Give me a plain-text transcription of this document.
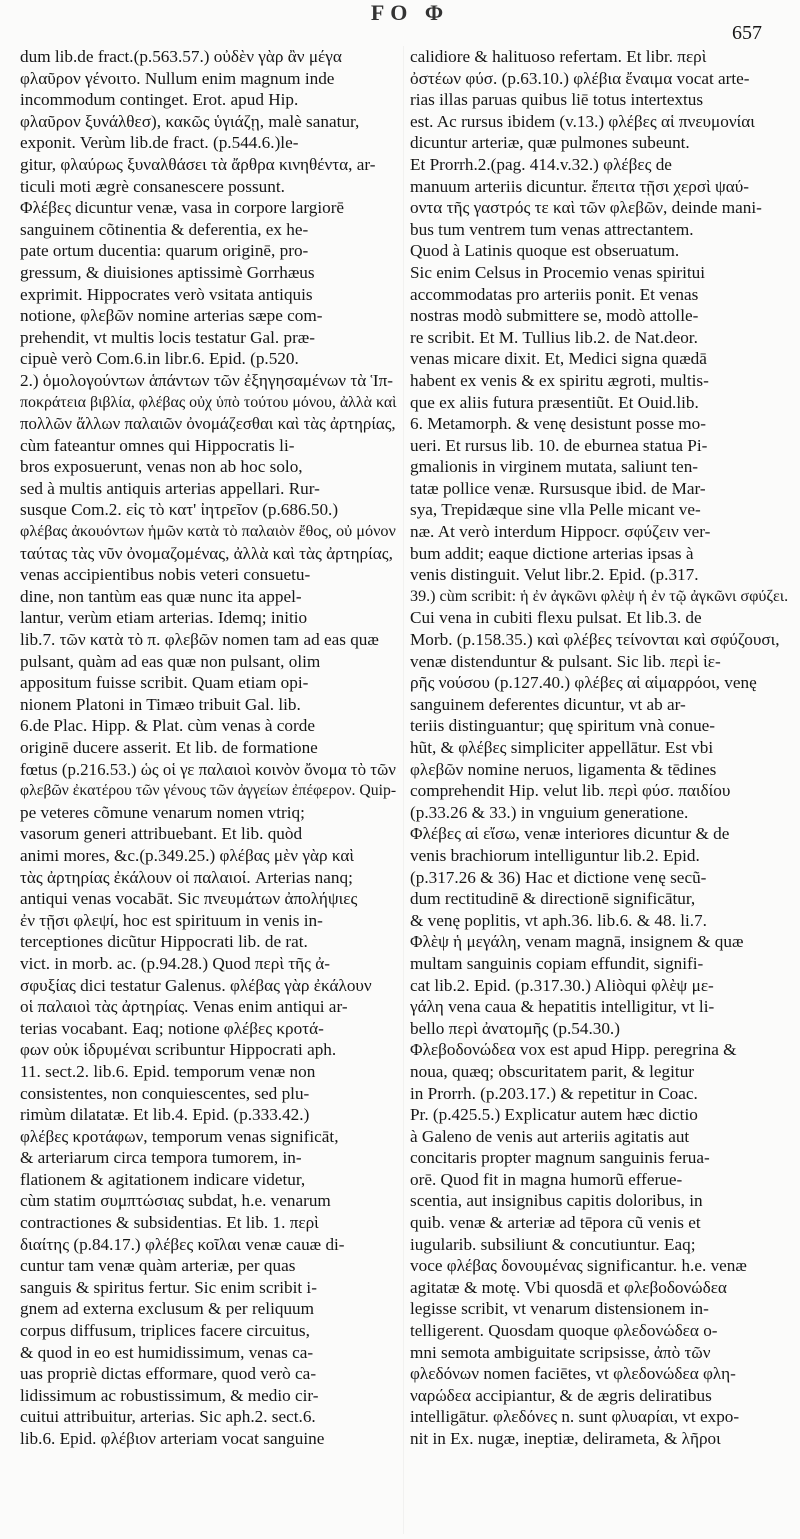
FO Φ
657
dum lib.de fract.(p.563.57.) οὐδὲν γὰρ ἂν μέγα
φλαῦρον γένοιτο. Nullum enim magnum inde
incommodum continget. Erot. apud Hip.
φλαῦρον ξυνάλθεσ), κακῶς ὑγιάζῃ, malè sanatur,
exponit. Verùm lib.de fract. (p.544.6.)le-
gitur, φλαύρως ξυναλθάσει τὰ ἄρθρα κινηθέντα, ar-
ticuli moti ægrè consanescere possunt.
Φλέβες dicuntur venæ, vasa in corpore largiorē
sanguinem cõtinentia & deferentia, ex he-
pate ortum ducentia: quarum originē, pro-
gressum, & diuisiones aptissimè Gorrhæus
exprimit. Hippocrates verò vsitata antiquis
notione, φλεβῶν nomine arterias sæpe com-
prehendit, vt multis locis testatur Gal. præ-
cipuè verò Com.6.in libr.6. Epid. (p.520.
2.) ὁμολογούντων ἁπάντων τῶν ἐξηγησαμένων τὰ Ἱπ-
ποκράτεια βιβλία, φλέβας οὐχ ὑπὸ τούτου μόνου, ἀλλὰ καὶ
πολλῶν ἄλλων παλαιῶν ὀνομάζεσθαι καὶ τὰς ἀρτηρίας,
cùm fateantur omnes qui Hippocratis li-
bros exposuerunt, venas non ab hoc solo,
sed à multis antiquis arterias appellari. Rur-
susque Com.2. εἰς τὸ κατ' ἰητρεῖον (p.686.50.)
φλέβας ἀκουόντων ἡμῶν κατὰ τὸ παλαιὸν ἔθος, οὐ μόνον
ταύτας τὰς νῦν ὀνομαζομένας, ἀλλὰ καὶ τὰς ἀρτηρίας,
venas accipientibus nobis veteri consuetu-
dine, non tantùm eas quæ nunc ita appel-
lantur, verùm etiam arterias. Idemq; initio
lib.7. τῶν κατὰ τὸ π. φλεβῶν nomen tam ad eas quæ
pulsant, quàm ad eas quæ non pulsant, olim
appositum fuisse scribit. Quam etiam opi-
nionem Platoni in Timæo tribuit Gal. lib.
6.de Plac. Hipp. & Plat. cùm venas à corde
originē ducere asserit. Et lib. de formatione
fœtus (p.216.53.) ὡς οἱ γε παλαιοὶ κοινὸν ὄνομα τὸ τῶν
φλεβῶν ἐκατέρου τῶν γένους τῶν ἀγγείων ἐπέφερον. Quip-
pe veteres cõmune venarum nomen vtriq;
vasorum generi attribuebant. Et lib. quòd
animi mores, &c.(p.349.25.) φλέβας μὲν γὰρ καὶ
τὰς ἀρτηρίας ἐκάλουν οἱ παλαιοί. Arterias nanq;
antiqui venas vocabāt. Sic πνευμάτων ἀπολήψιες
ἐν τῇσι φλεψί, hoc est spirituum in venis in-
terceptiones dicũtur Hippocrati lib. de rat.
vict. in morb. ac. (p.94.28.) Quod περὶ τῆς ἀ-
σφυξίας dici testatur Galenus. φλέβας γὰρ ἐκάλουν
οἱ παλαιοὶ τὰς ἀρτηρίας. Venas enim antiqui ar-
terias vocabant. Eaq; notione φλέβες κροτά-
φων οὐκ ἱδρυμέναι scribuntur Hippocrati aph.
11. sect.2. lib.6. Epid. temporum venæ non
consistentes, non conquiescentes, sed plu-
rimùm dilatatæ. Et lib.4. Epid. (p.333.42.)
φλέβες κροτάφων, temporum venas significāt,
& arteriarum circa tempora tumorem, in-
flationem & agitationem indicare videtur,
cùm statim συμπτώσιας subdat, h.e. venarum
contractiones & subsidentias. Et lib. 1. περὶ
διαίτης (p.84.17.) φλέβες κοῖλαι venæ cauæ di-
cuntur tam venæ quàm arteriæ, per quas
sanguis & spiritus fertur. Sic enim scribit i-
gnem ad externa exclusum & per reliquum
corpus diffusum, triplices facere circuitus,
& quod in eo est humidissimum, venas ca-
uas propriè dictas efformare, quod verò ca-
lidissimum ac robustissimum, & medio cir-
cuitui attribuitur, arterias. Sic aph.2. sect.6.
lib.6. Epid. φλέβιον arteriam vocat sanguine
calidiore & halituoso refertam. Et libr. περὶ
ὀστέων φύσ. (p.63.10.) φλέβια ἔναιμα vocat arte-
rias illas paruas quibus liē totus intertextus
est. Ac rursus ibidem (v.13.) φλέβες αἱ πνευμονίαι
dicuntur arteriæ, quæ pulmones subeunt.
Et Prorrh.2.(pag. 414.v.32.) φλέβες de
manuum arteriis dicuntur. ἔπειτα τῇσι χερσὶ ψαύ-
οντα τῆς γαστρός τε καὶ τῶν φλεβῶν, deinde mani-
bus tum ventrem tum venas attrectantem.
Quod à Latinis quoque est obseruatum.
Sic enim Celsus in Procemio venas spiritui
accommodatas pro arteriis ponit. Et venas
nostras modò submittere se, modò attolle-
re scribit. Et M. Tullius lib.2. de Nat.deor.
venas micare dixit. Et, Medici signa quædā
habent ex venis & ex spiritu ægroti, multis-
que ex aliis futura præsentiũt. Et Ouid.lib.
6. Metamorph. & venę desistunt posse mo-
ueri. Et rursus lib. 10. de eburnea statua Pi-
gmalionis in virginem mutata, saliunt ten-
tatæ pollice venæ. Rursusque ibid. de Mar-
sya, Trepidæque sine vlla Pelle micant ve-
næ. At verò interdum Hippocr. σφύζειν ver-
bum addit; eaque dictione arterias ipsas à
venis distinguit. Velut libr.2. Epid. (p.317.
39.) cùm scribit: ἡ ἐν ἀγκῶνι φλὲψ ἡ ἐν τῷ ἀγκῶνι σφύζει.
Cui vena in cubiti flexu pulsat. Et lib.3. de
Morb. (p.158.35.) καὶ φλέβες τείνονται καὶ σφύζουσι,
venæ distenduntur & pulsant. Sic lib. περὶ ἱε-
ρῆς νούσου (p.127.40.) φλέβες αἱ αἱμαρρόοι, venę
sanguinem deferentes dicuntur, vt ab ar-
teriis distinguantur; quę spiritum vnà conue-
hũt, & φλέβες simpliciter appellātur. Est vbi
φλεβῶν nomine neruos, ligamenta & tēdines
comprehendit Hip. velut lib. περὶ φύσ. παιδίου
(p.33.26 & 33.) in vnguium generatione.
Φλέβες αἱ εἴσω, venæ interiores dicuntur & de
venis brachiorum intelliguntur lib.2. Epid.
(p.317.26 & 36) Hac et dictione venę secũ-
dum rectitudinē & directionē significātur,
& venę poplitis, vt aph.36. lib.6. & 48. li.7.
Φλὲψ ἡ μεγάλη, venam magnā, insignem & quæ
multam sanguinis copiam effundit, signifi-
cat lib.2. Epid. (p.317.30.) Aliòqui φλὲψ με-
γάλη vena caua & hepatitis intelligitur, vt li-
bello περὶ ἀνατομῆς (p.54.30.)
Φλεβοδονώδεα vox est apud Hipp. peregrina &
noua, quæq; obscuritatem parit, & legitur
in Prorrh. (p.203.17.) & repetitur in Coac.
Pr. (p.425.5.) Explicatur autem hæc dictio
à Galeno de venis aut arteriis agitatis aut
concitaris propter magnum sanguinis ferua-
orē. Quod fit in magna humorũ efferue-
scentia, aut insignibus capitis doloribus, in
quib. venæ & arteriæ ad tēpora cũ venis et
iugularib. subsiliunt & concutiuntur. Eaq;
voce φλέβας δονουμένας significantur. h.e. venæ
agitatæ & motę. Vbi quosdā et φλεβοδονώδεα
legisse scribit, vt venarum distensionem in-
telligerent. Quosdam quoque φλεδονώδεα o-
mni semota ambiguitate scripsisse, ἀπὸ τῶν
φλεδόνων nomen faciētes, vt φλεδονώδεα φλη-
ναρώδεα accipiantur, & de ægris deliratibus
intelligātur. φλεδόνες n. sunt φλυαρίαι, vt expo-
nit in Ex. nugæ, ineptiæ, delirameta, & λῆροι
